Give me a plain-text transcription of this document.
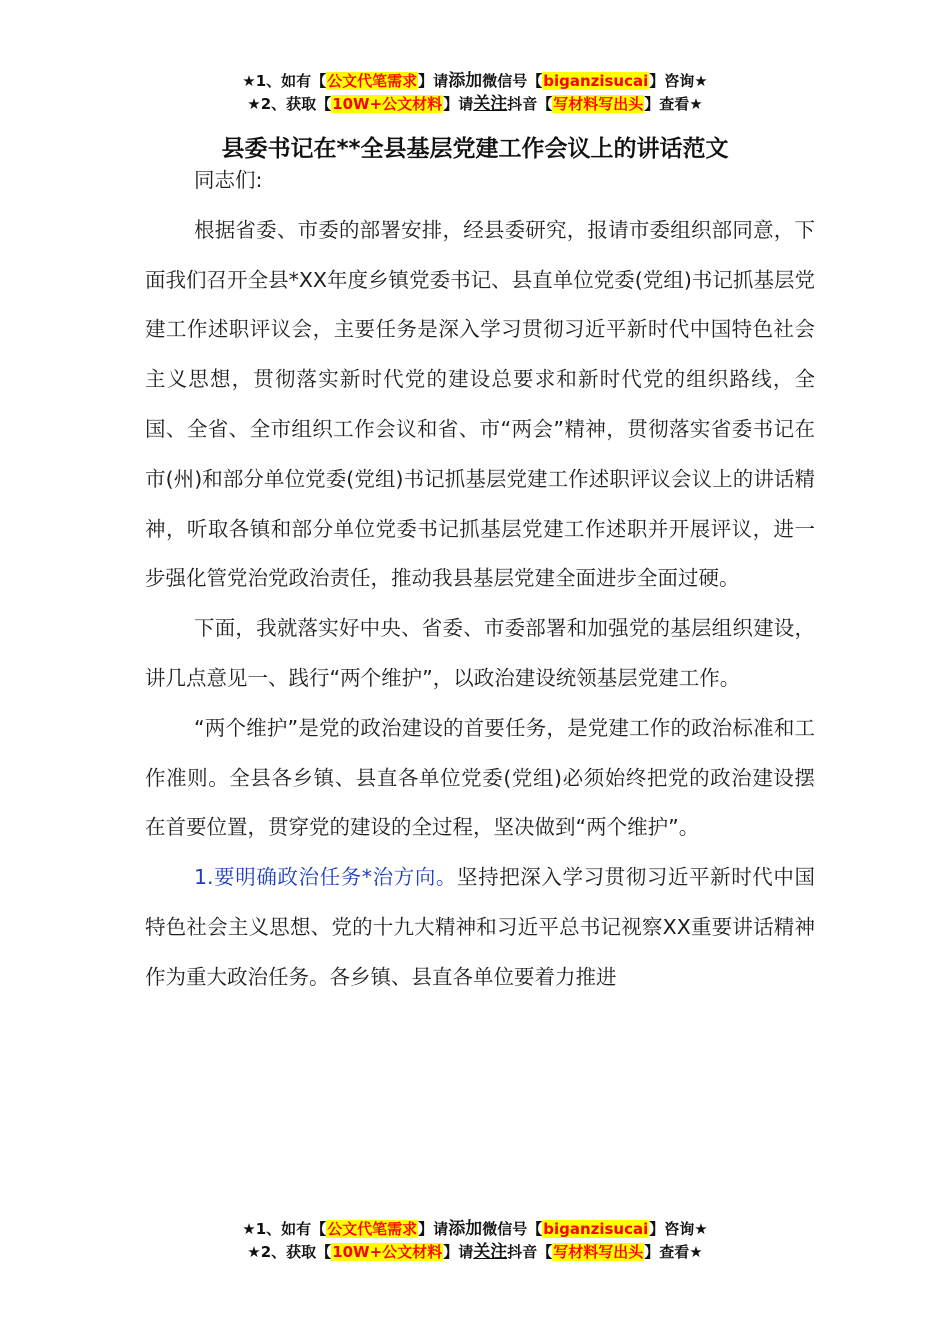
★1、如有【公文代笔需求】请添加微信号【biganzisucai】咨询★
★2、获取【10W+公文材料】请关注抖音【写材料写出头】查看★
县委书记在**全县基层党建工作会议上的讲话范文

同志们:

根据省委、市委的部署安排，经县委研究，报请市委组织部同意，下面我们召开全县*XX年度乡镇党委书记、县直单位党委(党组)书记抓基层党建工作述职评议会，主要任务是深入学习贯彻习近平新时代中国特色社会主义思想，贯彻落实新时代党的建设总要求和新时代党的组织路线，全国、全省、全市组织工作会议和省、市“两会”精神，贯彻落实省委书记在市(州)和部分单位党委(党组)书记抓基层党建工作述职评议会议上的讲话精神，听取各镇和部分单位党委书记抓基层党建工作述职并开展评议，进一步强化管党治党政治责任，推动我县基层党建全面进步全面过硬。

下面，我就落实好中央、省委、市委部署和加强党的基层组织建设，讲几点意见一、践行“两个维护”，以政治建设统领基层党建工作。

“两个维护”是党的政治建设的首要任务，是党建工作的政治标准和工作准则。全县各乡镇、县直各单位党委(党组)必须始终把党的政治建设摆在首要位置，贯穿党的建设的全过程，坚决做到“两个维护”。

1.要明确政治任务*治方向。坚持把深入学习贯彻习近平新时代中国特色社会主义思想、党的十九大精神和习近平总书记视察XX重要讲话精神作为重大政治任务。各乡镇、县直各单位要着力推进

★1、如有【公文代笔需求】请添加微信号【biganzisucai】咨询★
★2、获取【10W+公文材料】请关注抖音【写材料写出头】查看★
